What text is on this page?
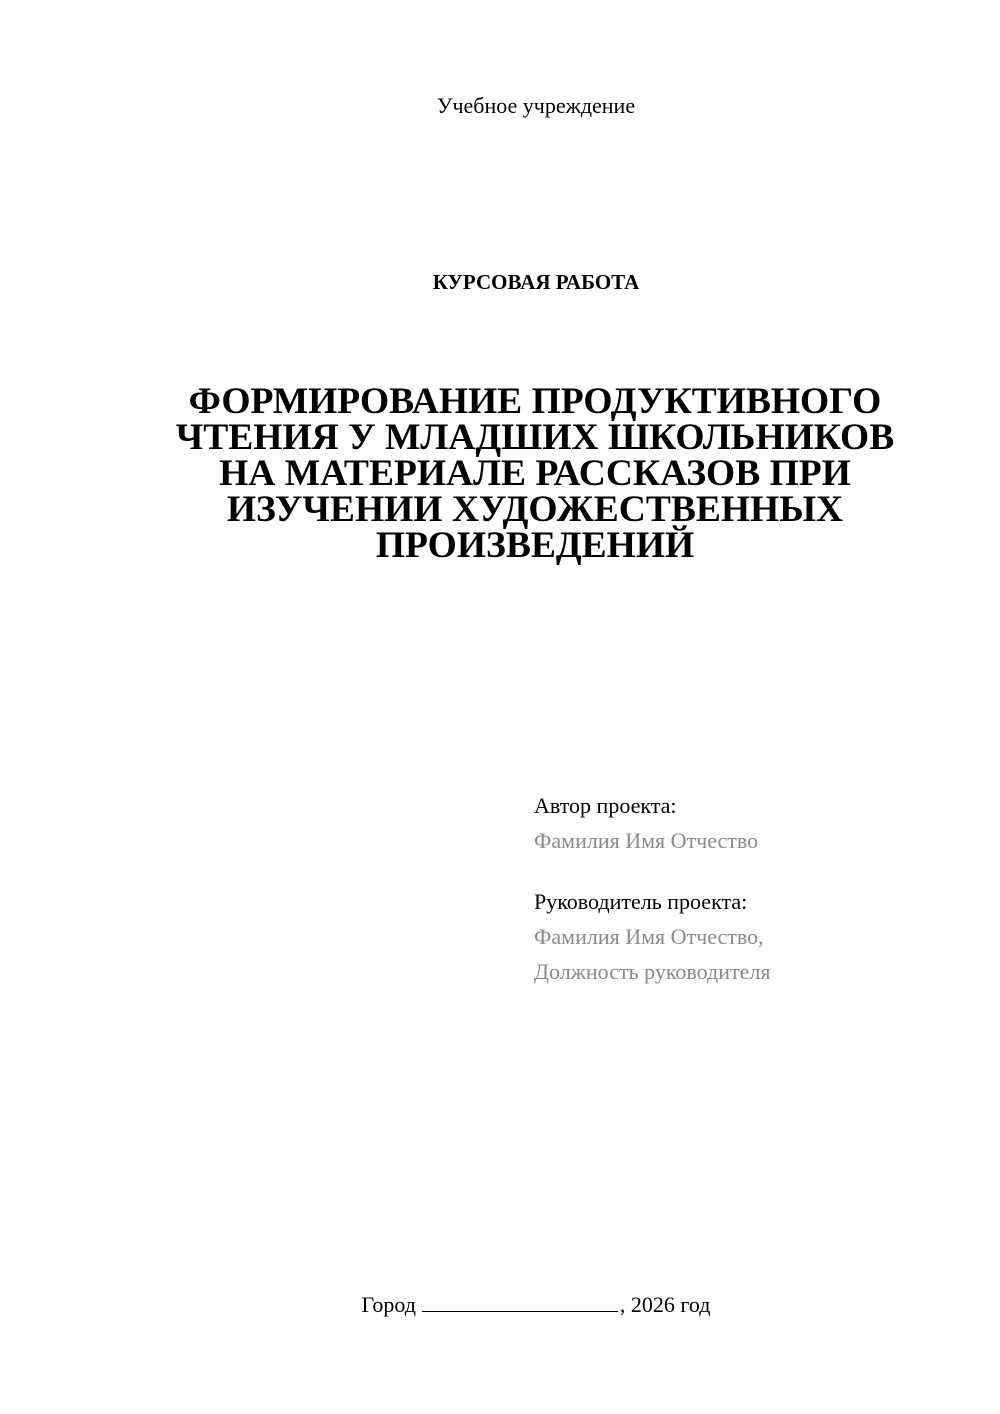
Учебное учреждение
КУРСОВАЯ РАБОТА
ФОРМИРОВАНИЕ ПРОДУКТИВНОГО
ЧТЕНИЯ У МЛАДШИХ ШКОЛЬНИКОВ
НА МАТЕРИАЛЕ РАССКАЗОВ ПРИ
ИЗУЧЕНИИ ХУДОЖЕСТВЕННЫХ
ПРОИЗВЕДЕНИЙ
Автор проекта:
Фамилия Имя Отчество
Руководитель проекта:
Фамилия Имя Отчество,
Должность руководителя
Город	, 2026 год
